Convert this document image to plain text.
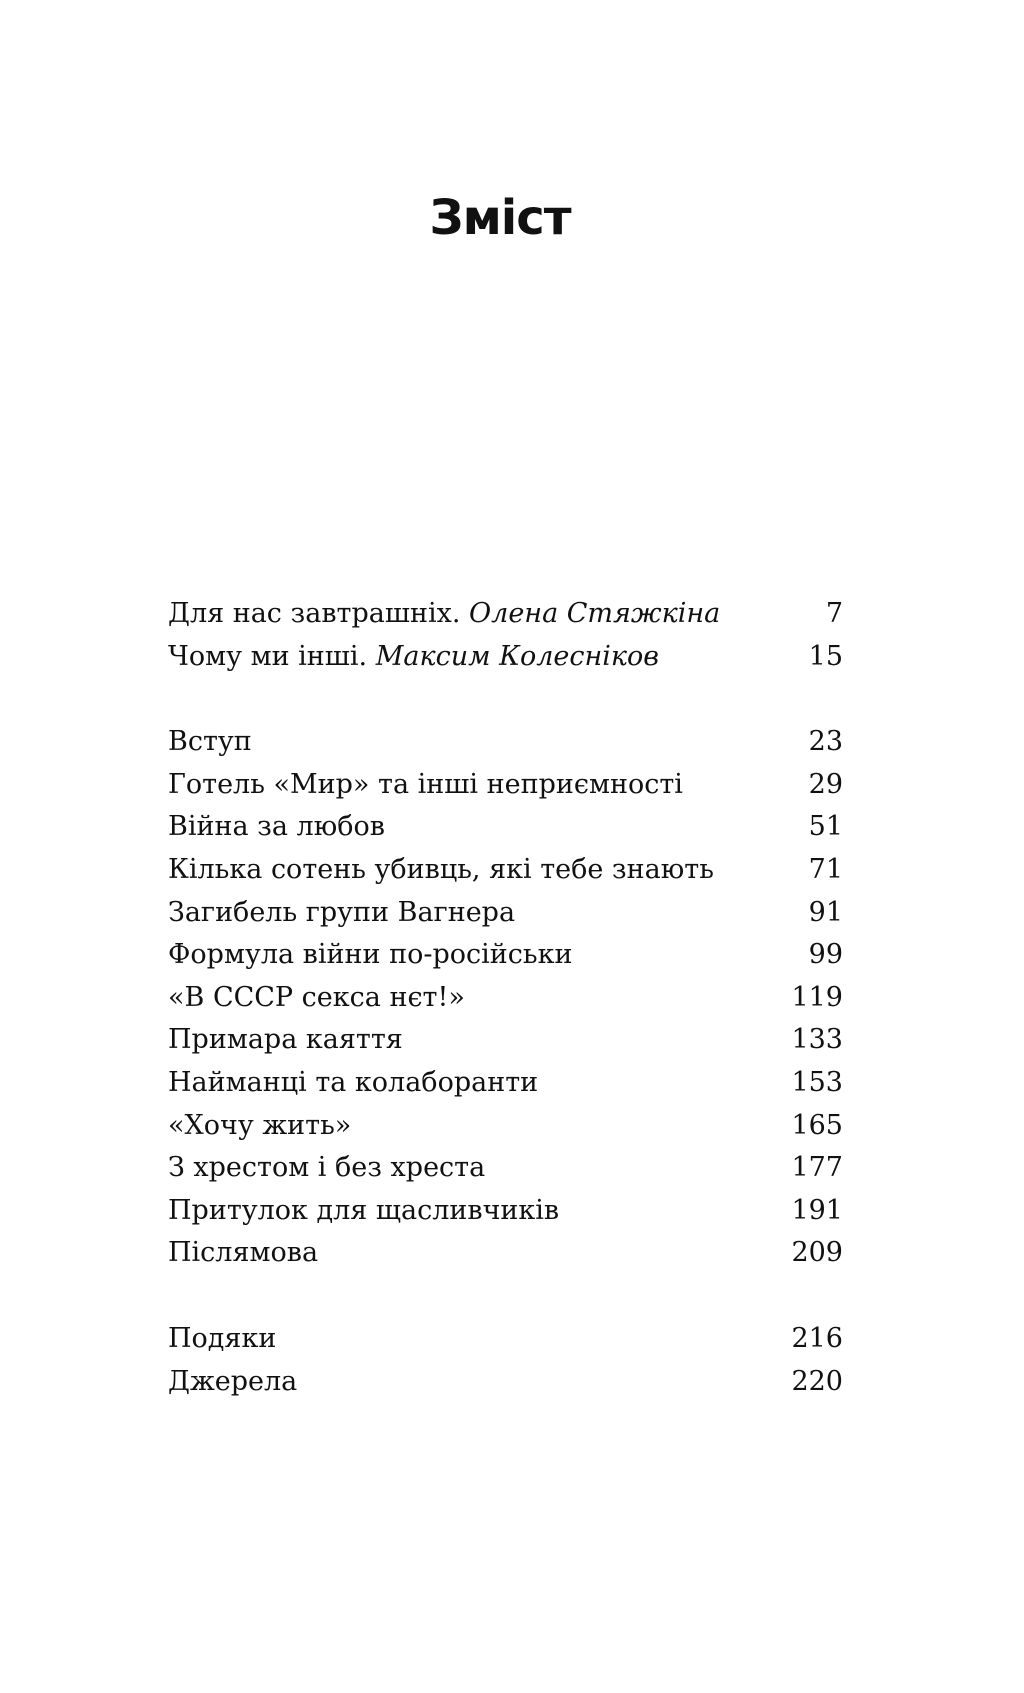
Зміст
Для нас завтрашніх. Олена Стяжкіна	7
Чому ми інші. Максим Колесніков	15
Вступ	23
Готель «Мир» та інші неприємності	29
Війна за любов	51
Кілька сотень убивць, які тебе знають	71
Загибель групи Вагнера	91
Формула війни по-російськи	99
«В СССР секса нєт!»	119
Примара каяття	133
Найманці та колаборанти	153
«Хочу жить»	165
З хрестом і без хреста	177
Притулок для щасливчиків	191
Післямова	209
Подяки	216
Джерела	220
